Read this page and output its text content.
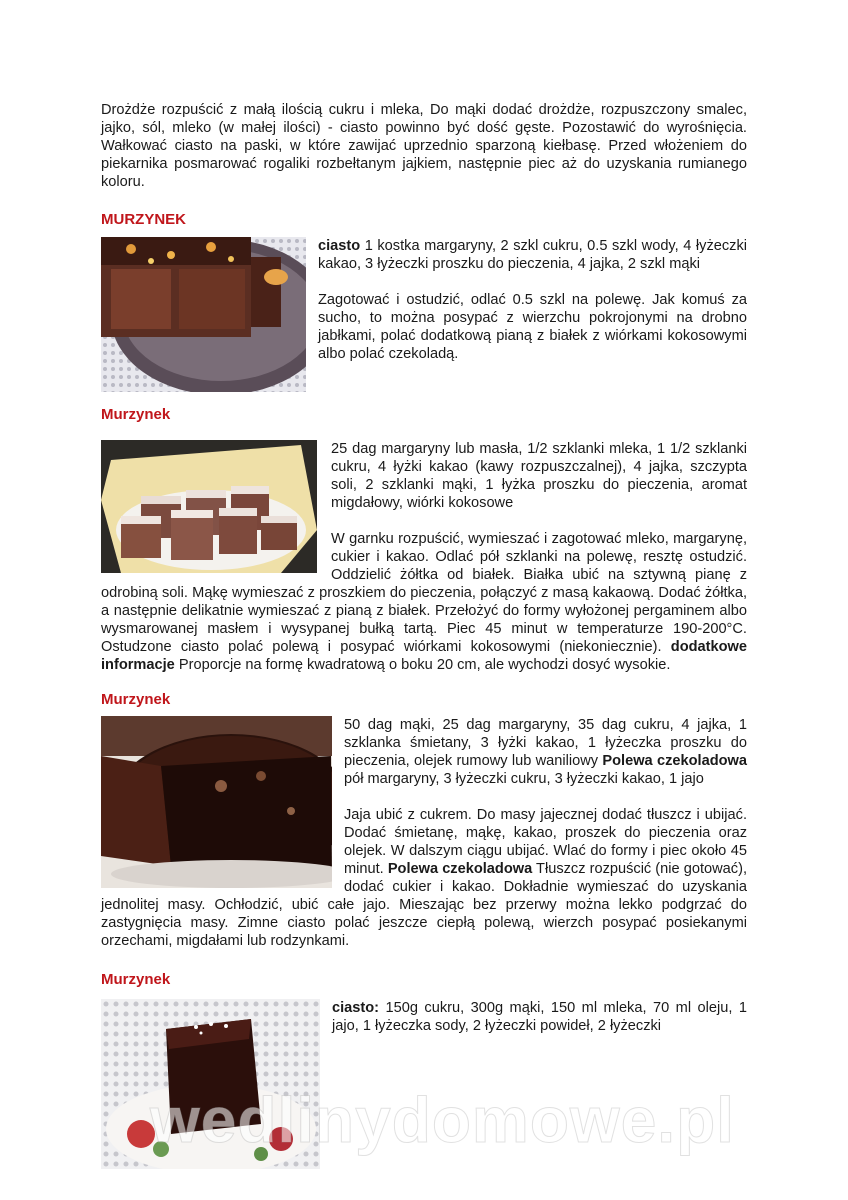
Drożdże rozpuścić z małą ilością cukru i mleka, Do mąki dodać drożdże, rozpuszczony smalec, jajko, sól, mleko (w małej ilości) - ciasto powinno być dość gęste. Pozostawić do wyrośnięcia. Wałkować ciasto na paski, w które zawijać uprzednio sparzoną kiełbasę. Przed włożeniem do piekarnika posmarować rogaliki rozbełtanym jajkiem, następnie piec aż do uzyskania rumianego koloru.

MURZYNEK

ciasto 1 kostka margaryny, 2 szkl cukru, 0.5 szkl wody, 4 łyżeczki kakao, 3 łyżeczki proszku do pieczenia, 4 jajka, 2 szkl mąki

Zagotować i ostudzić, odlać 0.5 szkl na polewę. Jak komuś za sucho, to można posypać z wierzchu pokrojonymi na drobno jabłkami, polać dodatkową pianą z białek z wiórkami kokosowymi albo polać czekoladą.

Murzynek

25 dag margaryny lub masła, 1/2 szklanki mleka, 1 1/2 szklanki cukru, 4 łyżki kakao (kawy rozpuszczalnej), 4 jajka, szczypta soli, 2 szklanki mąki, 1 łyżka proszku do pieczenia, aromat migdałowy, wiórki kokosowe

W garnku rozpuścić, wymieszać i zagotować mleko, margarynę, cukier i kakao. Odlać pół szklanki na polewę, resztę ostudzić. Oddzielić żółtka od białek. Białka ubić na sztywną pianę z odrobiną soli. Mąkę wymieszać z proszkiem do pieczenia, połączyć z masą kakaową. Dodać żółtka, a następnie delikatnie wymieszać z pianą z białek. Przełożyć do formy wyłożonej pergaminem albo wysmarowanej masłem i wysypanej bułką tartą. Piec 45 minut w temperaturze 190-200°C. Ostudzone ciasto polać polewą i posypać wiórkami kokosowymi (niekoniecznie). dodatkowe informacje Proporcje na formę kwadratową o boku 20 cm, ale wychodzi dosyć wysokie.

Murzynek

50 dag mąki, 25 dag margaryny, 35 dag cukru, 4 jajka, 1 szklanka śmietany, 3 łyżki kakao, 1 łyżeczka proszku do pieczenia, olejek rumowy lub waniliowy Polewa czekoladowa pół margaryny, 3 łyżeczki cukru, 3 łyżeczki kakao, 1 jajo

Jaja ubić z cukrem. Do masy jajecznej dodać tłuszcz i ubijać. Dodać śmietanę, mąkę, kakao, proszek do pieczenia oraz olejek. W dalszym ciągu ubijać. Wlać do formy i piec około 45 minut. Polewa czekoladowa Tłuszcz rozpuścić (nie gotować), dodać cukier i kakao. Dokładnie wymieszać do uzyskania jednolitej masy. Ochłodzić, ubić całe jajo. Mieszając bez przerwy można lekko podgrzać do zastygnięcia masy. Zimne ciasto polać jeszcze ciepłą polewą, wierzch posypać posiekanymi orzechami, migdałami lub rodzynkami.

Murzynek

ciasto: 150g cukru, 300g mąki, 150 ml mleka, 70 ml oleju, 1 jajo, 1 łyżeczka sody, 2 łyżeczki powideł, 2 łyżeczki

wedlinydomowe.pl
